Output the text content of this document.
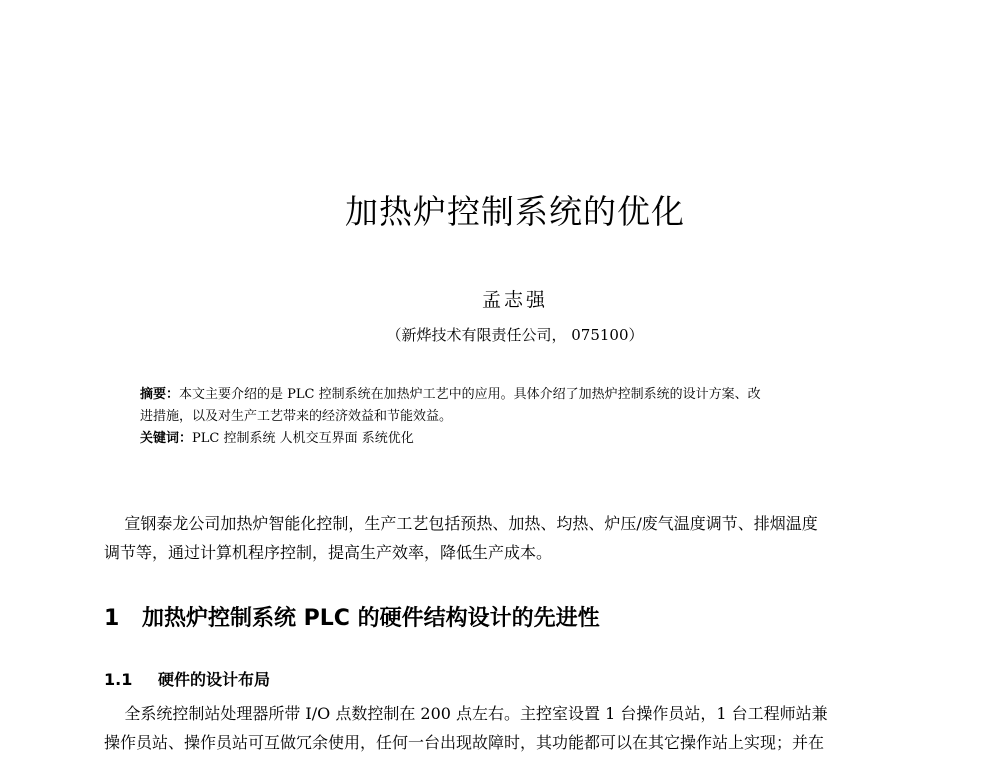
加热炉控制系统的优化
孟志强
（新烨技术有限责任公司， 075100）
摘要：本文主要介绍的是 PLC 控制系统在加热炉工艺中的应用。具体介绍了加热炉控制系统的设计方案、改
进措施，以及对生产工艺带来的经济效益和节能效益。
关键词：PLC 控制系统 人机交互界面 系统优化
宣钢泰龙公司加热炉智能化控制，生产工艺包括预热、加热、均热、炉压/废气温度调节、排烟温度
调节等，通过计算机程序控制，提高生产效率，降低生产成本。
1 加热炉控制系统 PLC 的硬件结构设计的先进性
1.1 硬件的设计布局
全系统控制站处理器所带 I/O 点数控制在 200 点左右。主控室设置 1 台操作员站，1 台工程师站兼
操作员站、操作员站可互做冗余使用，任何一台出现故障时，其功能都可以在其它操作站上实现；并在
